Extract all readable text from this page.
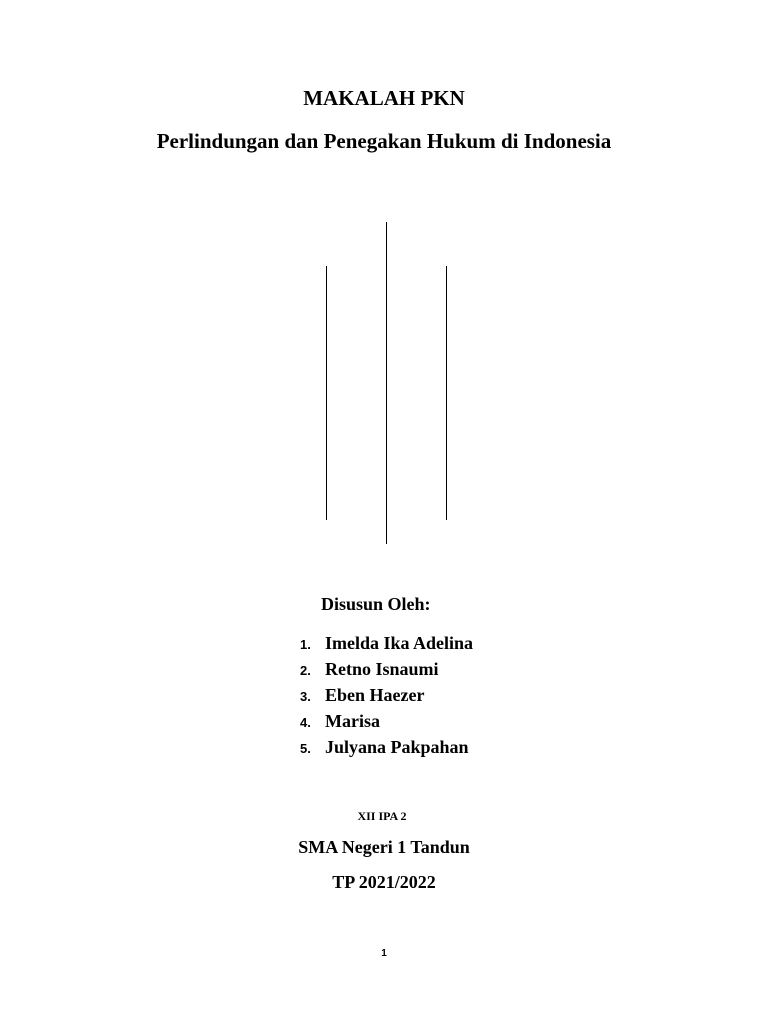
MAKALAH PKN
Perlindungan dan Penegakan Hukum di Indonesia
Disusun Oleh:
1. Imelda Ika Adelina
2. Retno Isnaumi
3. Eben Haezer
4. Marisa
5. Julyana Pakpahan
XII IPA 2
SMA Negeri 1 Tandun
TP 2021/2022
1
